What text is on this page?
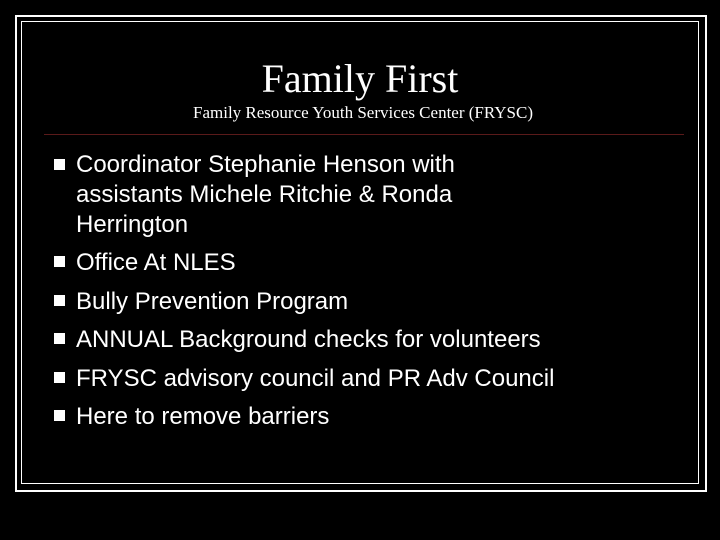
Family First
Family Resource Youth Services Center (FRYSC)
Coordinator Stephanie Henson with assistants Michele Ritchie & Ronda Herrington
Office At NLES
Bully Prevention Program
ANNUAL Background checks for volunteers
FRYSC advisory council and PR Adv Council
Here to remove barriers
